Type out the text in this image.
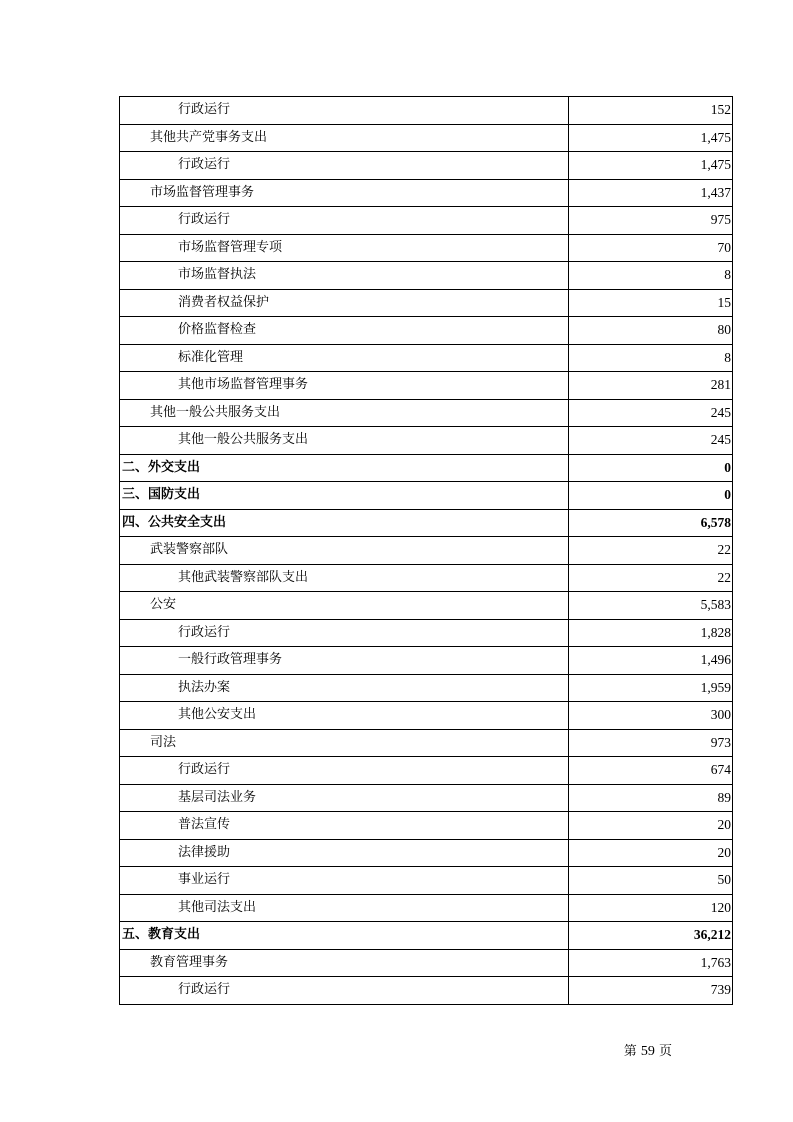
行政运行	152
其他共产党事务支出	1,475
行政运行	1,475
市场监督管理事务	1,437
行政运行	975
市场监督管理专项	70
市场监督执法	8
消费者权益保护	15
价格监督检查	80
标准化管理	8
其他市场监督管理事务	281
其他一般公共服务支出	245
其他一般公共服务支出	245
二、外交支出	0
三、国防支出	0
四、公共安全支出	6,578
武装警察部队	22
其他武装警察部队支出	22
公安	5,583
行政运行	1,828
一般行政管理事务	1,496
执法办案	1,959
其他公安支出	300
司法	973
行政运行	674
基层司法业务	89
普法宣传	20
法律援助	20
事业运行	50
其他司法支出	120
五、教育支出	36,212
教育管理事务	1,763
行政运行	739
第 59 页
